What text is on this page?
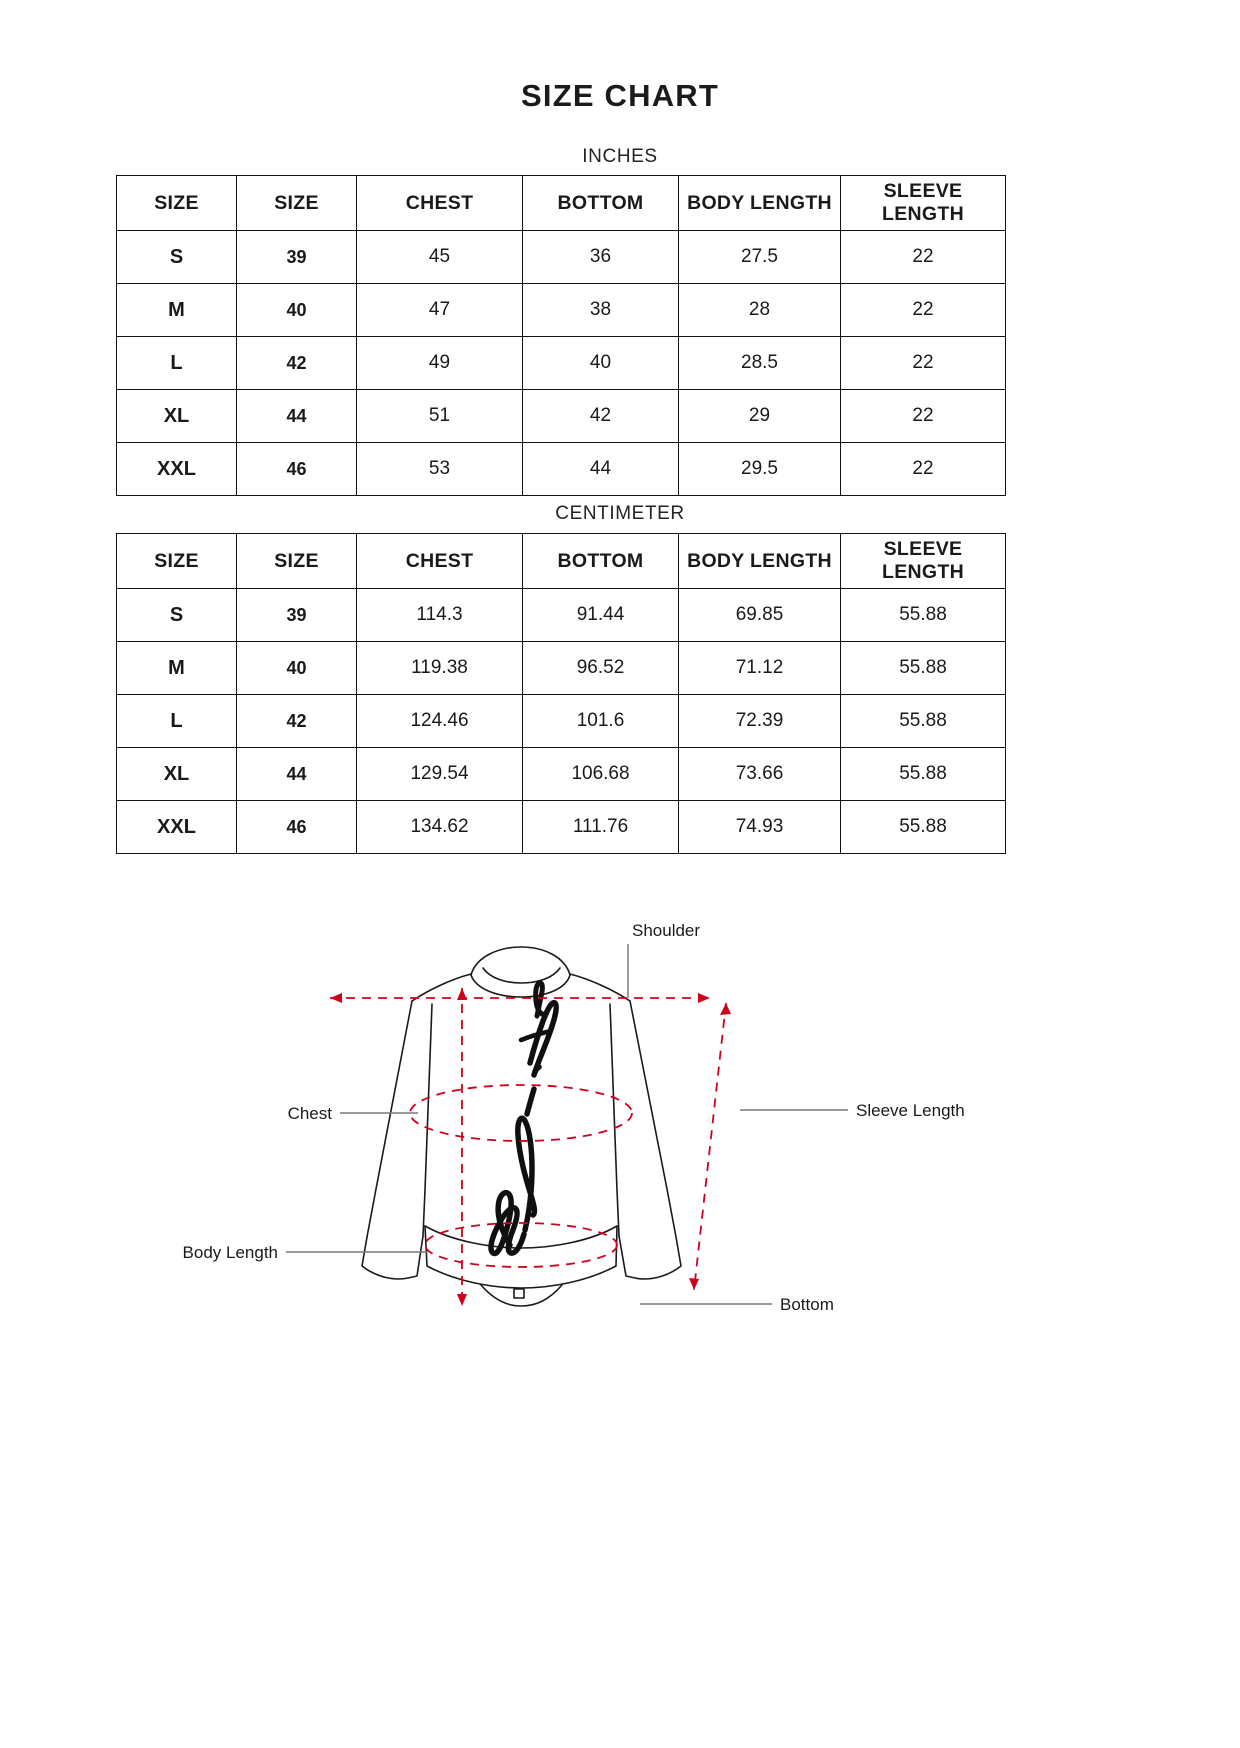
SIZE CHART
INCHES
SIZE	SIZE	CHEST	BOTTOM	BODY LENGTH	SLEEVE LENGTH
S	39	45	36	27.5	22
M	40	47	38	28	22
L	42	49	40	28.5	22
XL	44	51	42	29	22
XXL	46	53	44	29.5	22
CENTIMETER
SIZE	SIZE	CHEST	BOTTOM	BODY LENGTH	SLEEVE LENGTH
S	39	114.3	91.44	69.85	55.88
M	40	119.38	96.52	71.12	55.88
L	42	124.46	101.6	72.39	55.88
XL	44	129.54	106.68	73.66	55.88
XXL	46	134.62	111.76	74.93	55.88
Shoulder
Sleeve Length
Chest
Body Length
Bottom
